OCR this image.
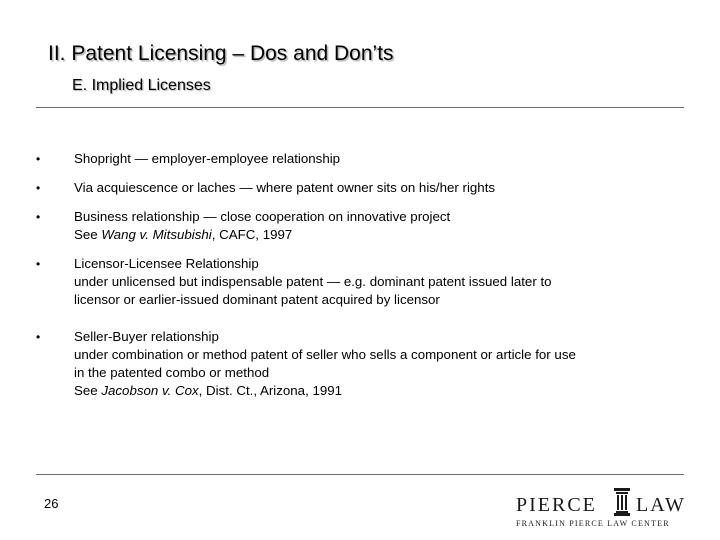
II. Patent Licensing – Dos and Don’ts
E. Implied Licenses
•	Shopright — employer-employee relationship
•	Via acquiescence or laches — where patent owner sits on his/her rights
•	Business relationship — close cooperation on innovative project
See Wang v. Mitsubishi, CAFC, 1997
•	Licensor-Licensee Relationship
under unlicensed but indispensable patent — e.g. dominant patent issued later to
licensor or earlier-issued dominant patent acquired by licensor
•	Seller-Buyer relationship
under combination or method patent of seller who sells a component or article for use
in the patented combo or method
See Jacobson v. Cox, Dist. Ct., Arizona, 1991
26	PIERCE LAW
FRANKLIN PIERCE LAW CENTER
